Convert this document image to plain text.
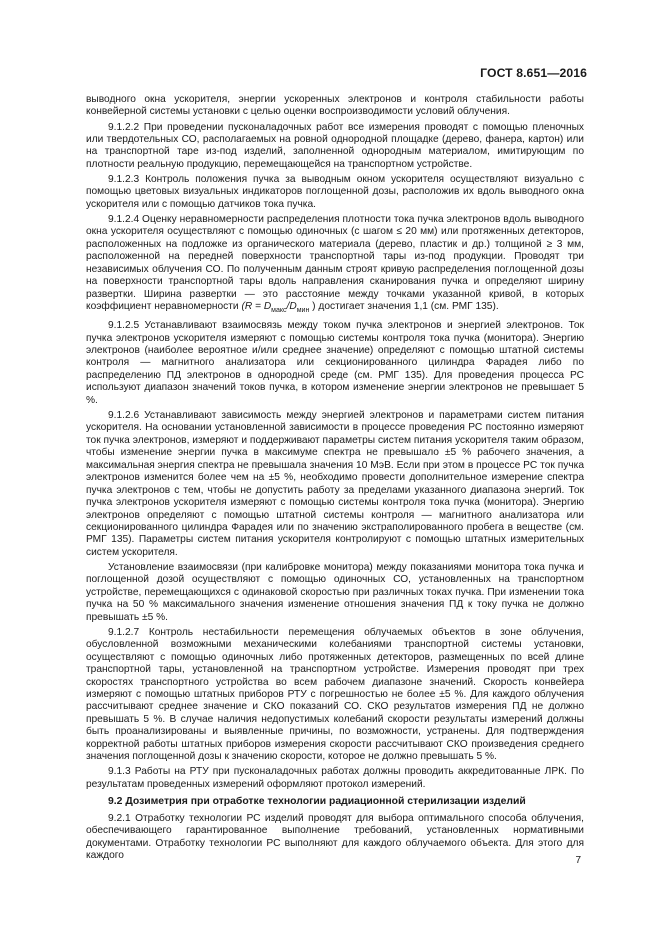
ГОСТ 8.651—2016

выводного окна ускорителя, энергии ускоренных электронов и контроля стабильности работы конвейерной системы установки с целью оценки воспроизводимости условий облучения.

9.1.2.2 При проведении пусконаладочных работ все измерения проводят с помощью пленочных или твердотельных СО, располагаемых на ровной однородной площадке (дерево, фанера, картон) или на транспортной таре из-под изделий, заполненной однородным материалом, имитирующим по плотности реальную продукцию, перемещающейся на транспортном устройстве.

9.1.2.3 Контроль положения пучка за выводным окном ускорителя осуществляют визуально с помощью цветовых визуальных индикаторов поглощенной дозы, расположив их вдоль выводного окна ускорителя или с помощью датчиков тока пучка.

9.1.2.4 Оценку неравномерности распределения плотности тока пучка электронов вдоль выводного окна ускорителя осуществляют с помощью одиночных (с шагом ≤ 20 мм) или протяженных детекторов, расположенных на подложке из органического материала (дерево, пластик и др.) толщиной ≥ 3 мм, расположенной на передней поверхности транспортной тары из-под продукции. Проводят три независимых облучения СО. По полученным данным строят кривую распределения поглощенной дозы на поверхности транспортной тары вдоль направления сканирования пучка и определяют ширину развертки. Ширина развертки — это расстояние между точками указанной кривой, в которых коэффициент неравномерности ($R = D_{макс}/D_{мин}$ ) достигает значения 1,1 (см. РМГ 135).

9.1.2.5 Устанавливают взаимосвязь между током пучка электронов и энергией электронов. Ток пучка электронов ускорителя измеряют с помощью системы контроля тока пучка (монитора). Энергию электронов (наиболее вероятное и/или среднее значение) определяют с помощью штатной системы контроля — магнитного анализатора или секционированного цилиндра Фарадея либо по распределению ПД электронов в однородной среде (см. РМГ 135). Для проведения процесса РС используют диапазон значений токов пучка, в котором изменение энергии электронов не превышает 5 %.

9.1.2.6 Устанавливают зависимость между энергией электронов и параметрами систем питания ускорителя. На основании установленной зависимости в процессе проведения РС постоянно измеряют ток пучка электронов, измеряют и поддерживают параметры систем питания ускорителя таким образом, чтобы изменение энергии пучка в максимуме спектра не превышало ±5 % рабочего значения, а максимальная энергия спектра не превышала значения 10 МэВ. Если при этом в процессе РС ток пучка электронов изменится более чем на ±5 %, необходимо провести дополнительное измерение спектра пучка электронов с тем, чтобы не допустить работу за пределами указанного диапазона энергий. Ток пучка электронов ускорителя измеряют с помощью системы контроля тока пучка (монитора). Энергию электронов определяют с помощью штатной системы контроля — магнитного анализатора или секционированного цилиндра Фарадея или по значению экстраполированного пробега в веществе (см. РМГ 135). Параметры систем питания ускорителя контролируют с помощью штатных измерительных систем ускорителя.

Установление взаимосвязи (при калибровке монитора) между показаниями монитора тока пучка и поглощенной дозой осуществляют с помощью одиночных СО, установленных на транспортном устройстве, перемещающихся с одинаковой скоростью при различных токах пучка. При изменении тока пучка на 50 % максимального значения изменение отношения значения ПД к току пучка не должно превышать ±5 %.

9.1.2.7 Контроль нестабильности перемещения облучаемых объектов в зоне облучения, обусловленной возможными механическими колебаниями транспортной системы установки, осуществляют с помощью одиночных либо протяженных детекторов, размещенных по всей длине транспортной тары, установленной на транспортном устройстве. Измерения проводят при трех скоростях транспортного устройства во всем рабочем диапазоне значений. Скорость конвейера измеряют с помощью штатных приборов РТУ с погрешностью не более ±5 %. Для каждого облучения рассчитывают среднее значение и СКО показаний СО. СКО результатов измерения ПД не должно превышать 5 %. В случае наличия недопустимых колебаний скорости результаты измерений должны быть проанализированы и выявленные причины, по возможности, устранены. Для подтверждения корректной работы штатных приборов измерения скорости рассчитывают СКО произведения среднего значения поглощенной дозы к значению скорости, которое не должно превышать 5 %.

9.1.3 Работы на РТУ при пусконаладочных работах должны проводить аккредитованные ЛРК. По результатам проведенных измерений оформляют протокол измерений.

9.2 Дозиметрия при отработке технологии радиационной стерилизации изделий

9.2.1 Отработку технологии РС изделий проводят для выбора оптимального способа облучения, обеспечивающего гарантированное выполнение требований, установленных нормативными документами. Отработку технологии РС выполняют для каждого облучаемого объекта. Для этого для каждого	7
